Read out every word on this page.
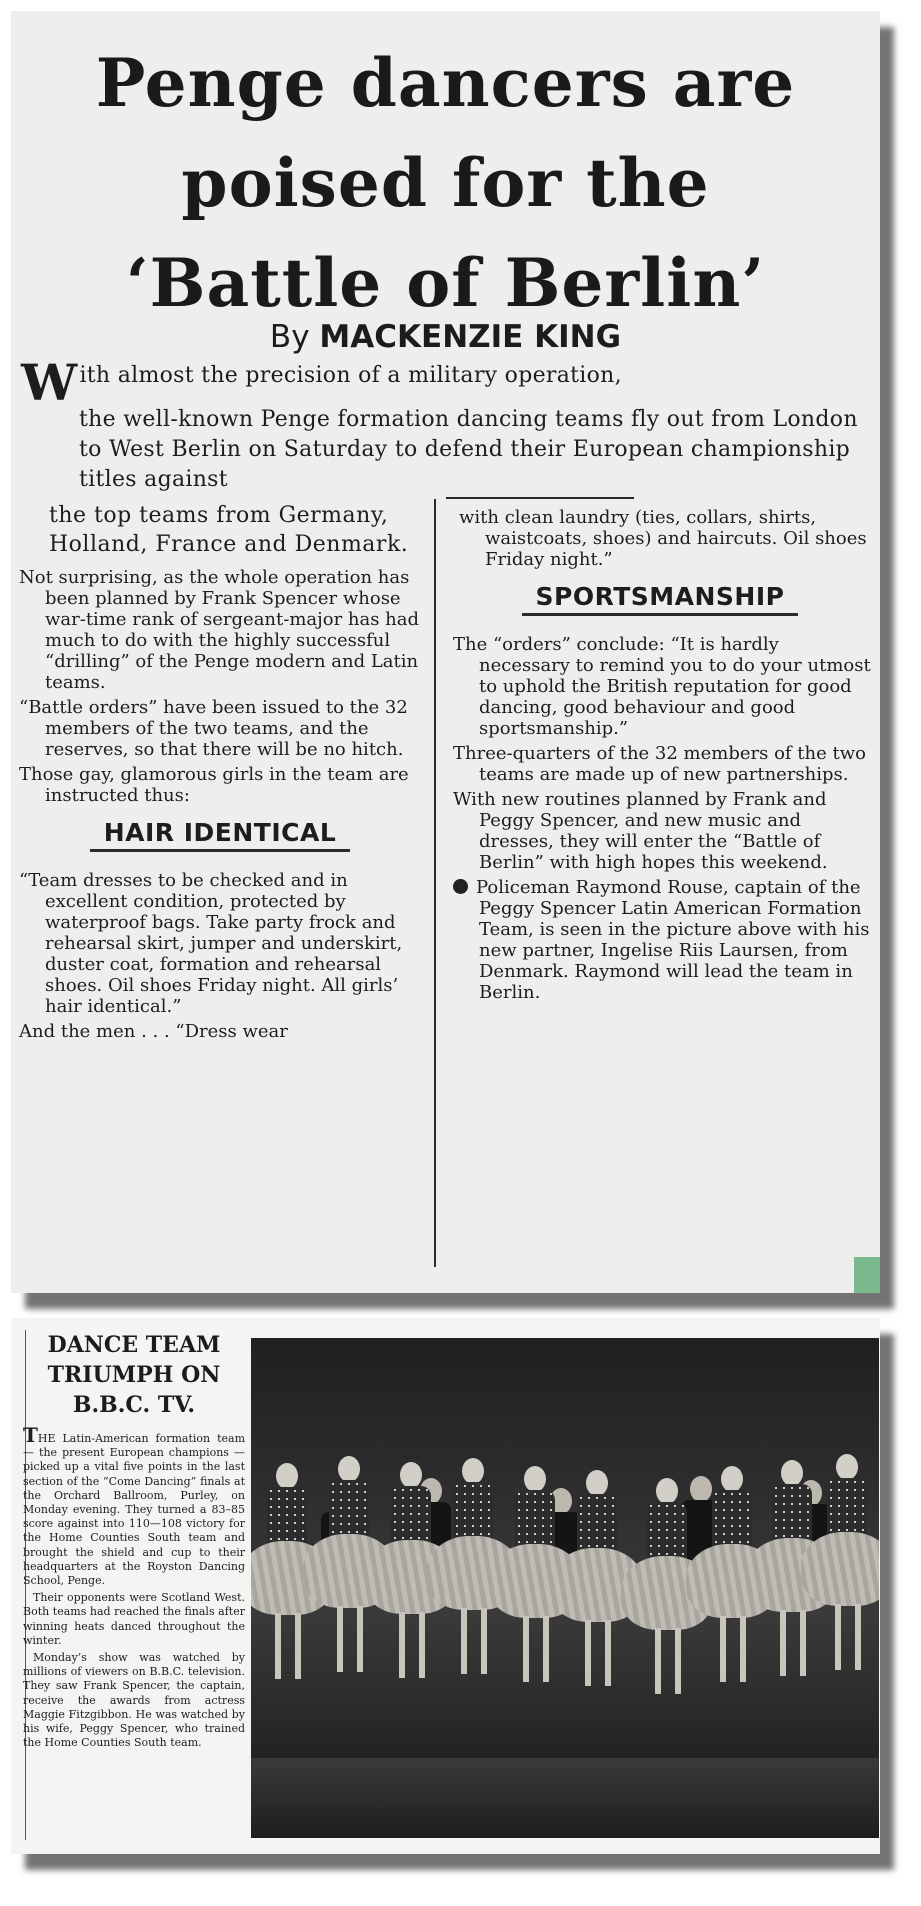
Penge dancers are
poised for the
‘Battle of Berlin’
By MACKENZIE KING
With almost the precision of a military operation,
the well-known Penge formation dancing teams fly out from London to West Berlin on Saturday to defend their European championship titles against

the top teams from Germany, Holland, France and Denmark.

Not surprising, as the whole operation has been planned by Frank Spencer whose war-time rank of sergeant-major has had much to do with the highly successful “drilling” of the Penge modern and Latin teams.

“Battle orders” have been issued to the 32 members of the two teams, and the reserves, so that there will be no hitch.

Those gay, glamorous girls in the team are instructed thus:

HAIR IDENTICAL

“Team dresses to be checked and in excellent condition, protected by waterproof bags. Take party frock and rehearsal skirt, jumper and underskirt, duster coat, formation and rehearsal shoes. Oil shoes Friday night. All girls’ hair identical.”

And the men . . . “Dress wear

with clean laundry (ties, collars, shirts, waistcoats, shoes) and haircuts. Oil shoes Friday night.”

SPORTSMANSHIP

The “orders” conclude: “It is hardly necessary to remind you to do your utmost to uphold the British reputation for good dancing, good behaviour and good sportsmanship.”

Three-quarters of the 32 members of the two teams are made up of new partnerships.

With new routines planned by Frank and Peggy Spencer, and new music and dresses, they will enter the “Battle of Berlin” with high hopes this weekend.

Policeman Raymond Rouse, captain of the Peggy Spencer Latin American Formation Team, is seen in the picture above with his new partner, Ingelise Riis Laursen, from Denmark. Raymond will lead the team in Berlin.

DANCE TEAM
TRIUMPH ON
B.B.C. TV.

THE Latin-American formation team — the present European champions — picked up a vital five points in the last section of the “Come Dancing” finals at the Orchard Ballroom, Purley, on Monday evening. They turned a 83–85 score against into 110—108 victory for the Home Counties South team and brought the shield and cup to their headquarters at the Royston Dancing School, Penge.

Their opponents were Scotland West. Both teams had reached the finals after winning heats danced throughout the winter.

Monday’s show was watched by millions of viewers on B.B.C. television. They saw Frank Spencer, the captain, receive the awards from actress Maggie Fitzgibbon. He was watched by his wife, Peggy Spencer, who trained the Home Counties South team.
